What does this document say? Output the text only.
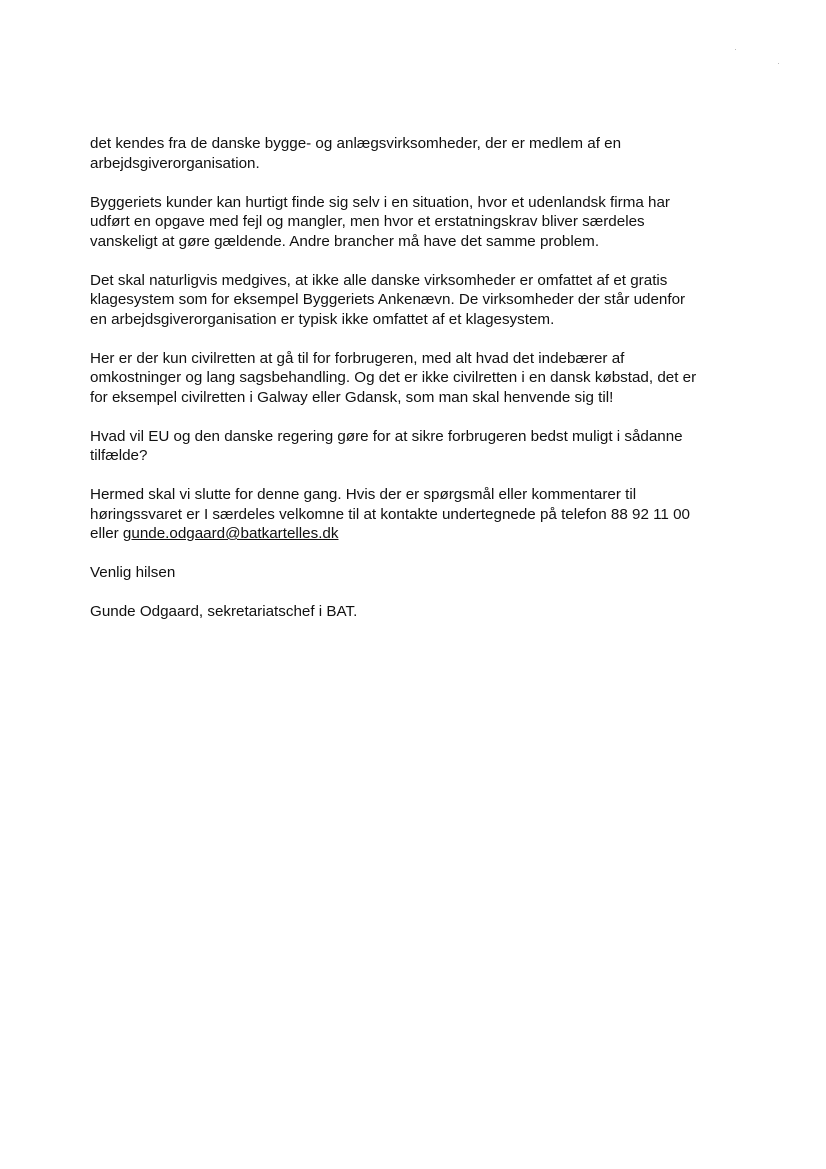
det kendes fra de danske bygge- og anlægsvirksomheder, der er medlem af en
arbejdsgiverorganisation.

Byggeriets kunder kan hurtigt finde sig selv i en situation, hvor et udenlandsk firma har
udført en opgave med fejl og mangler, men hvor et erstatningskrav bliver særdeles
vanskeligt at gøre gældende. Andre brancher må have det samme problem.

Det skal naturligvis medgives, at ikke alle danske virksomheder er omfattet af et gratis
klagesystem som for eksempel Byggeriets Ankenævn. De virksomheder der står udenfor
en arbejdsgiverorganisation er typisk ikke omfattet af et klagesystem.

Her er der kun civilretten at gå til for forbrugeren, med alt hvad det indebærer af
omkostninger og lang sagsbehandling. Og det er ikke civilretten i en dansk købstad, det er
for eksempel civilretten i Galway eller Gdansk, som man skal henvende sig til!

Hvad vil EU og den danske regering gøre for at sikre forbrugeren bedst muligt i sådanne
tilfælde?

Hermed skal vi slutte for denne gang. Hvis der er spørgsmål eller kommentarer til
høringssvaret er I særdeles velkomne til at kontakte undertegnede på telefon 88 92 11 00
eller gunde.odgaard@batkartelles.dk

Venlig hilsen

Gunde Odgaard, sekretariatschef i BAT.
